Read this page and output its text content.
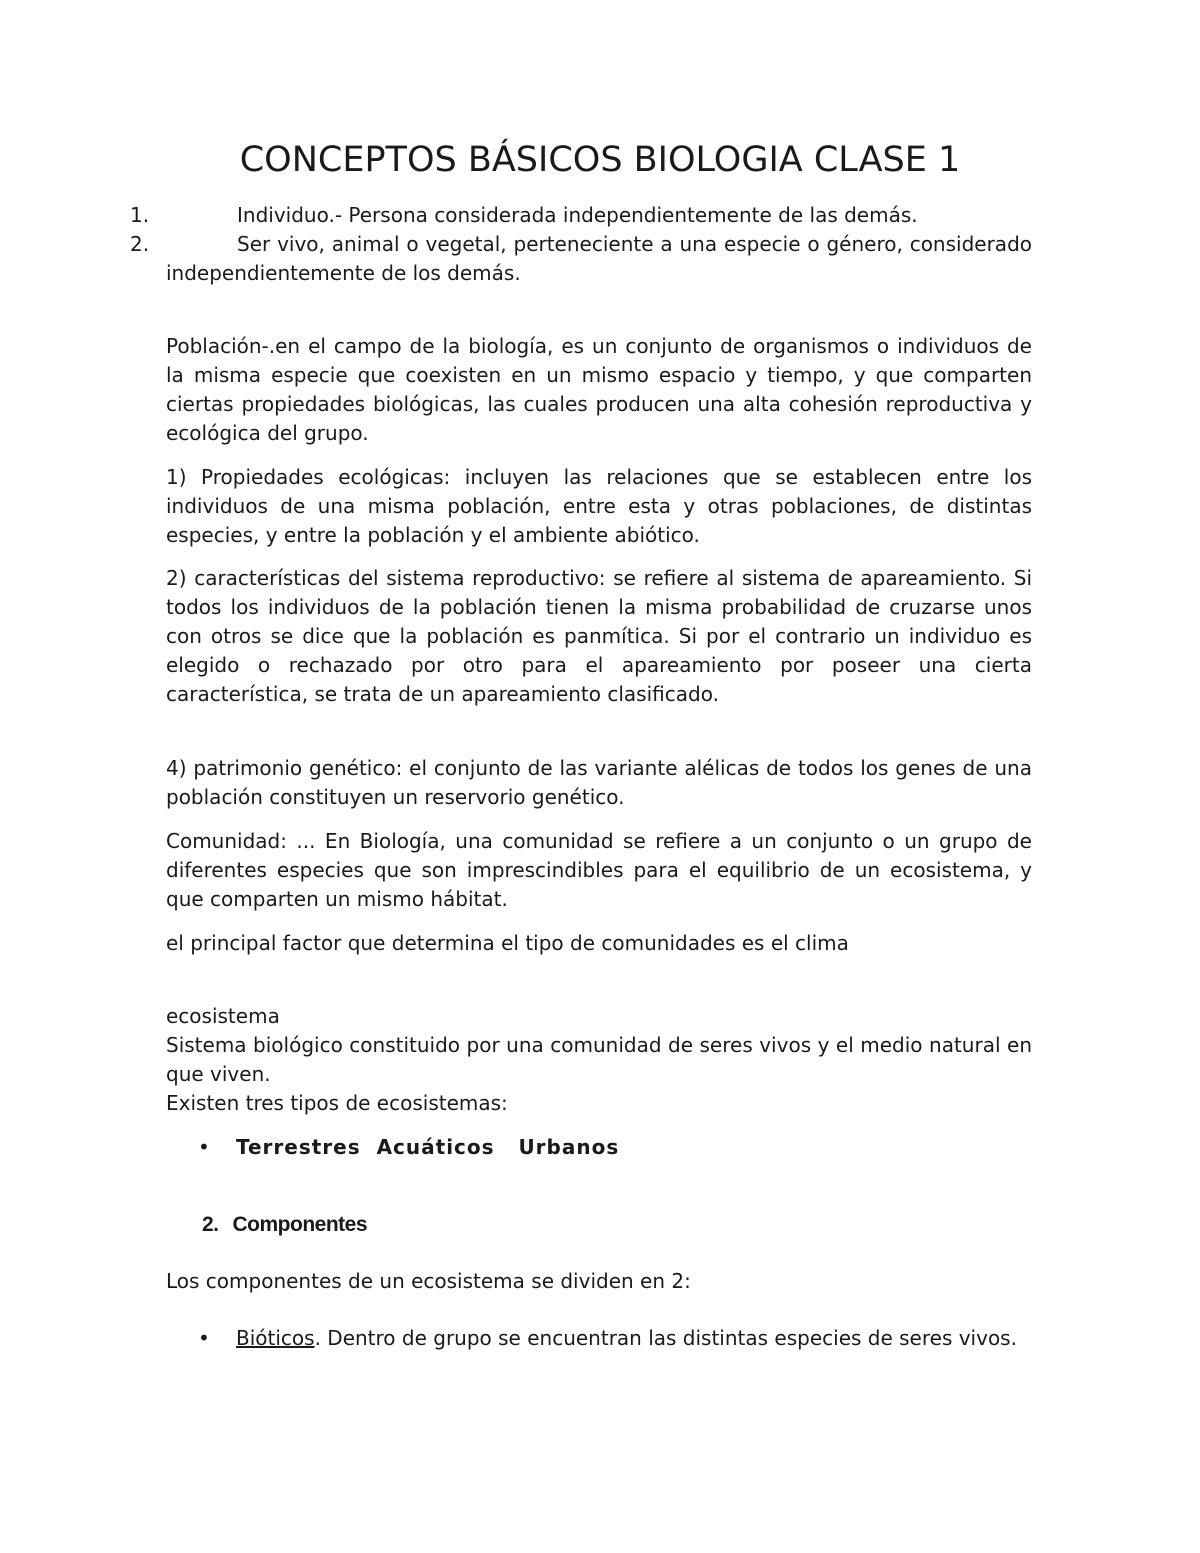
CONCEPTOS BÁSICOS BIOLOGIA CLASE 1
1.	Individuo.- Persona considerada independientemente de las demás.

2.	Ser vivo, animal o vegetal, perteneciente a una especie o género, considerado independientemente de los demás.

Población-.en el campo de la biología, es un conjunto de organismos o individuos de la misma especie que coexisten en un mismo espacio y tiempo, y que comparten ciertas propiedades biológicas, las cuales producen una alta cohesión reproductiva y ecológica del grupo.

1) Propiedades ecológicas: incluyen las relaciones que se establecen entre los individuos de una misma población, entre esta y otras poblaciones, de distintas especies, y entre la población y el ambiente abiótico.

2) características del sistema reproductivo: se refiere al sistema de apareamiento. Si todos los individuos de la población tienen la misma probabilidad de cruzarse unos con otros se dice que la población es panmítica. Si por el contrario un individuo es elegido o rechazado por otro para el apareamiento por poseer una cierta característica, se trata de un apareamiento clasificado.

4) patrimonio genético: el conjunto de las variante alélicas de todos los genes de una población constituyen un reservorio genético.

Comunidad: ... En Biología, una comunidad se refiere a un conjunto o un grupo de diferentes especies que son imprescindibles para el equilibrio de un ecosistema, y que comparten un mismo hábitat.

el principal factor que determina el tipo de comunidades es el clima

ecosistema

Sistema biológico constituido por una comunidad de seres vivos y el medio natural en que viven.

Existen tres tipos de ecosistemas:

• Terrestres  Acuáticos   Urbanos

2. Componentes

Los componentes de un ecosistema se dividen en 2:

• Bióticos. Dentro de grupo se encuentran las distintas especies de seres vivos.
